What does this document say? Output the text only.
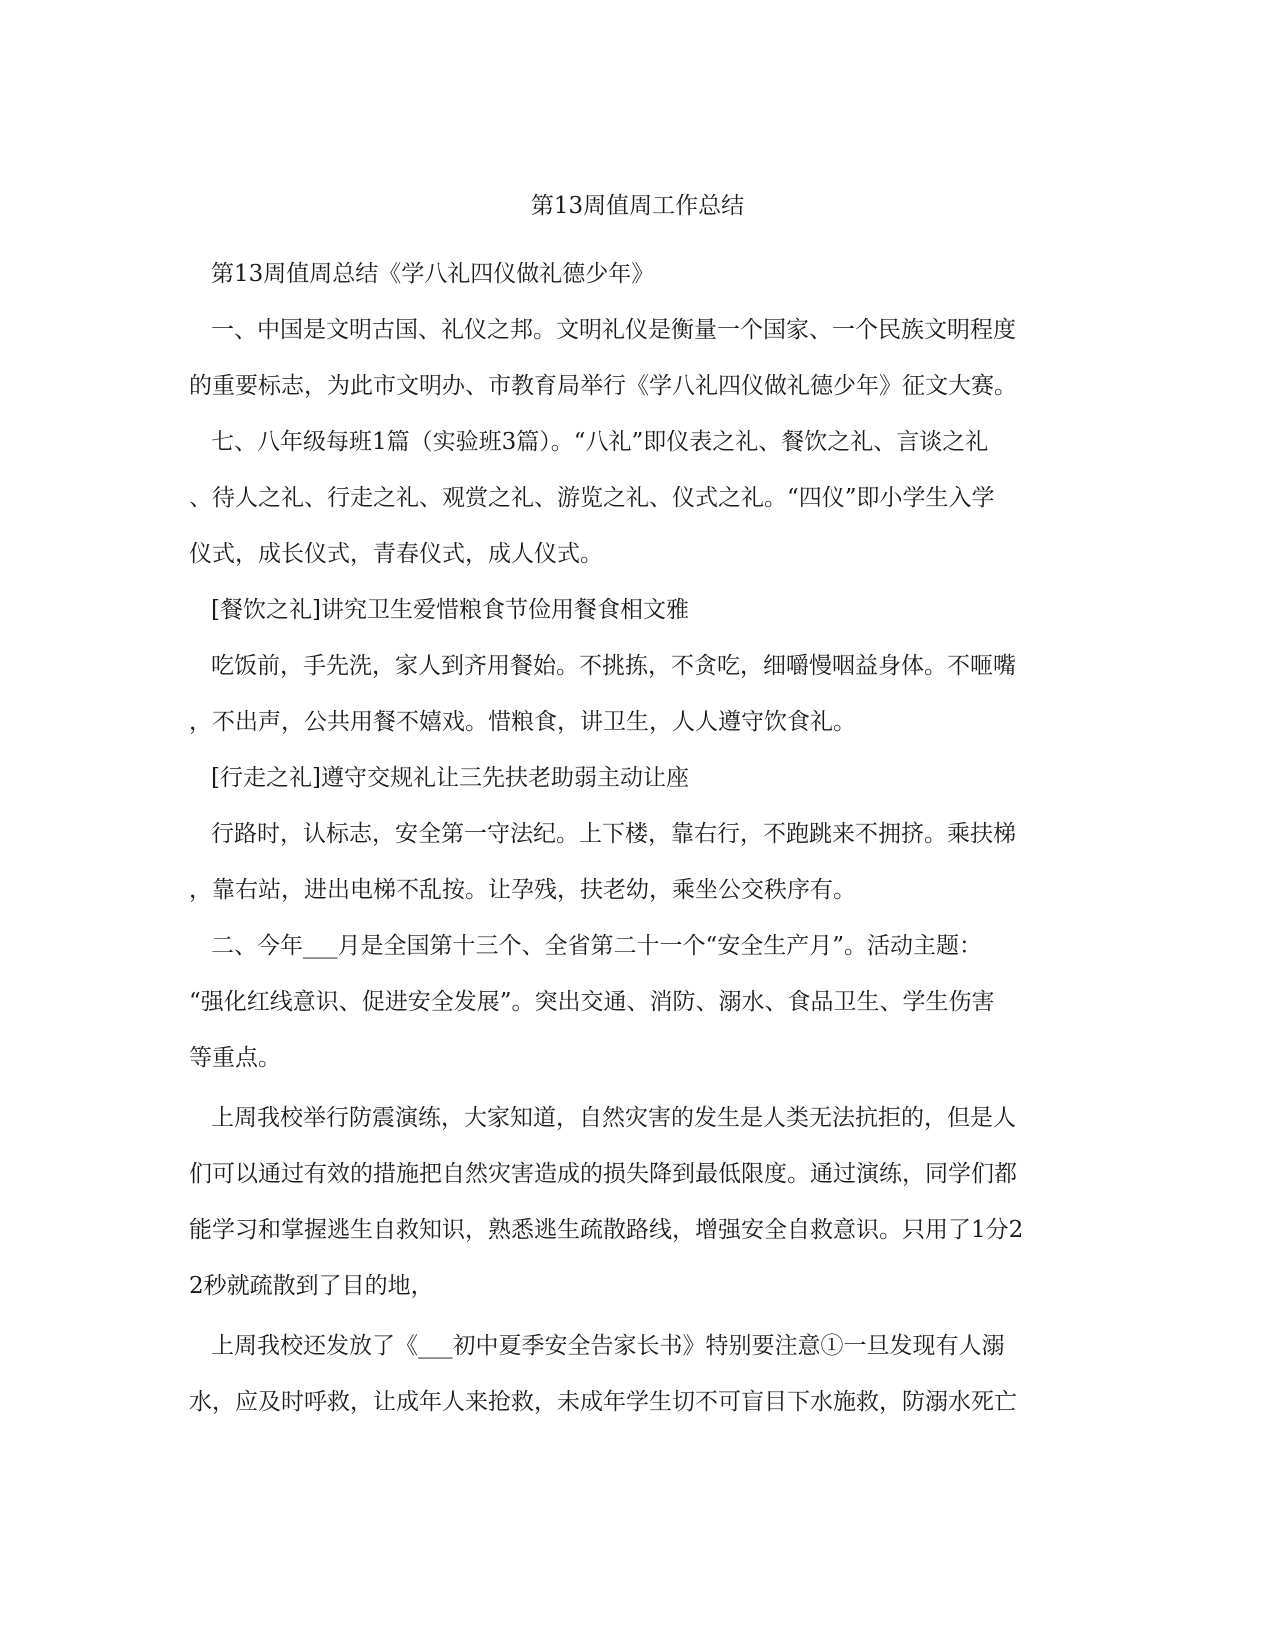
第13周值周工作总结
第13周值周总结《学八礼四仪做礼德少年》
一、中国是文明古国、礼仪之邦。文明礼仪是衡量一个国家、一个民族文明程度
的重要标志，为此市文明办、市教育局举行《学八礼四仪做礼德少年》征文大赛。
七、八年级每班1篇（实验班3篇）。“八礼”即仪表之礼、餐饮之礼、言谈之礼
、待人之礼、行走之礼、观赏之礼、游览之礼、仪式之礼。“四仪”即小学生入学
仪式，成长仪式，青春仪式，成人仪式。
[餐饮之礼]讲究卫生爱惜粮食节俭用餐食相文雅
吃饭前，手先洗，家人到齐用餐始。不挑拣，不贪吃，细嚼慢咽益身体。不咂嘴
，不出声，公共用餐不嬉戏。惜粮食，讲卫生，人人遵守饮食礼。
[行走之礼]遵守交规礼让三先扶老助弱主动让座
行路时，认标志，安全第一守法纪。上下楼，靠右行，不跑跳来不拥挤。乘扶梯
，靠右站，进出电梯不乱按。让孕残，扶老幼，乘坐公交秩序有。
二、今年___月是全国第十三个、全省第二十一个“安全生产月”。活动主题：
“强化红线意识、促进安全发展”。突出交通、消防、溺水、食品卫生、学生伤害
等重点。
上周我校举行防震演练，大家知道，自然灾害的发生是人类无法抗拒的，但是人
们可以通过有效的措施把自然灾害造成的损失降到最低限度。通过演练，同学们都
能学习和掌握逃生自救知识，熟悉逃生疏散路线，增强安全自救意识。只用了1分2
2秒就疏散到了目的地，
上周我校还发放了《___初中夏季安全告家长书》特别要注意①一旦发现有人溺
水，应及时呼救，让成年人来抢救，未成年学生切不可盲目下水施救，防溺水死亡
